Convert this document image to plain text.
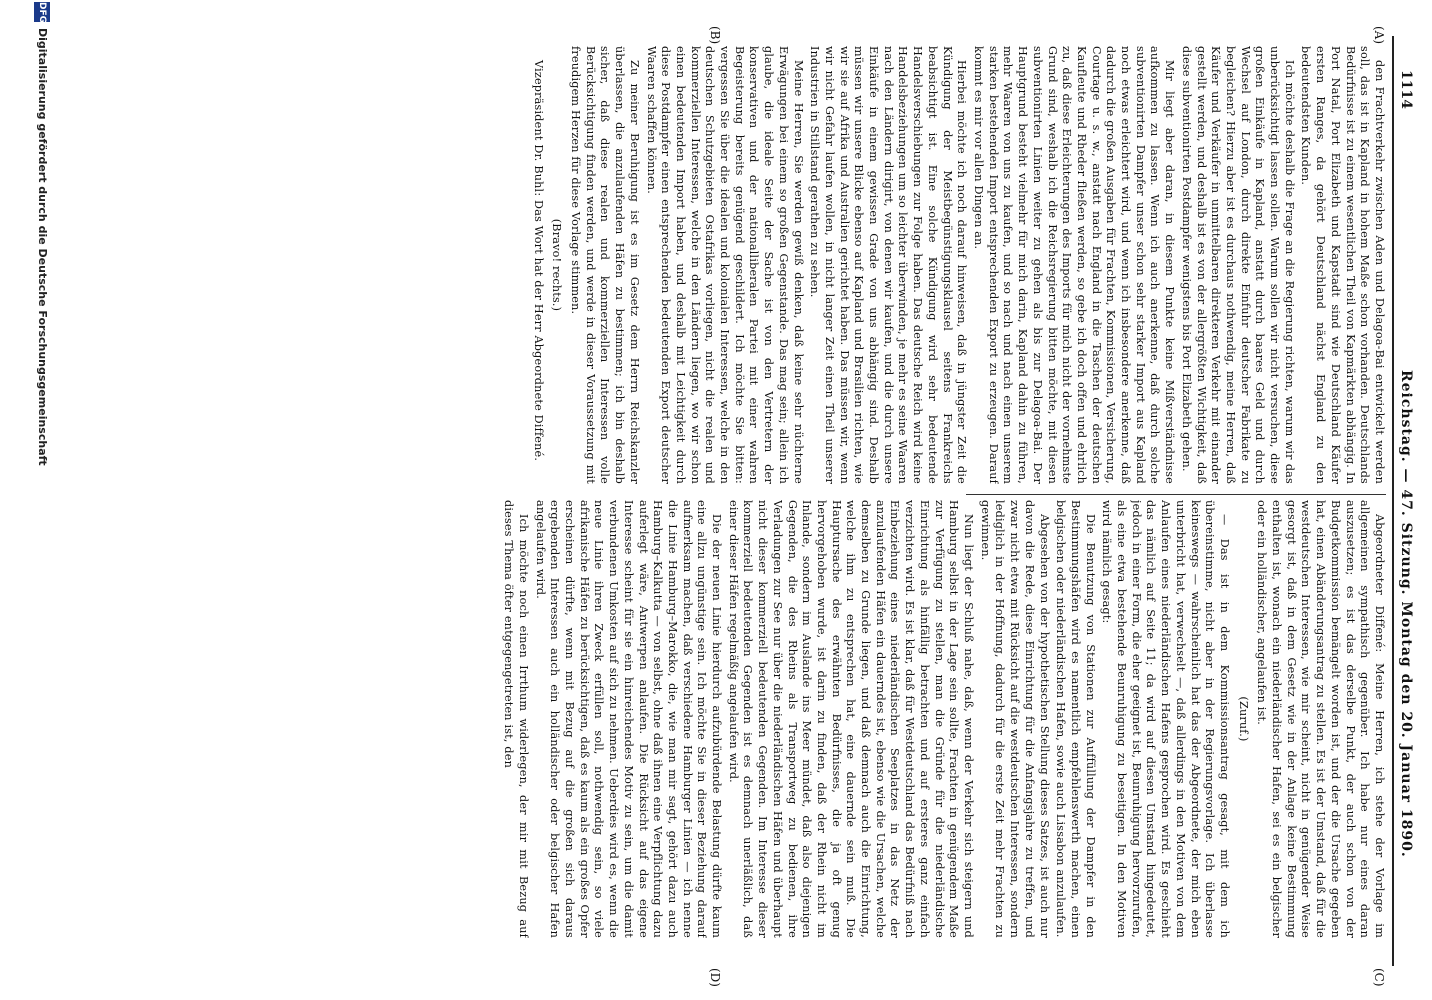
1114
Reichstag. — 47. Sitzung. Montag den 20. Januar 1890.
(A)
(B)
(C)
(D)

den Frachtverkehr zwischen Aden und Delagoa-Bai entwickelt werden soll, das ist in Kapland in hohem Maße schon vorhanden. Deutschlands Bedürfnisse ist zu einem wesentlichen Theil von Kapmärkten abhängig. In Port Natal, Port Elizabeth und Kapstadt sind wie Deutschland Käufer ersten Ranges, da gehört Deutschland nächst England zu den bedeutendsten Kunden.

Ich möchte deshalb die Frage an die Regierung richten, warum wir das unberücksichtigt lassen sollen. Warum sollen wir nicht versuchen, diese großen Einkäufe in Kapland, anstatt durch baares Geld und durch Wechsel auf London, durch direkte Einfuhr deutscher Fabrikate zu begleichen? Hierzu aber ist es durchaus nothwendig, meine Herren, daß Käufer und Verkäufer in unmittelbaren direkteren Verkehr mit einander gestellt werden, und deshalb ist es von der allergrößten Wichtigkeit, daß diese subventionirten Postdampfer wenigstens bis Port Elizabeth gehen.

Mir liegt aber daran, in diesem Punkte keine Mißverständnisse aufkommen zu lassen. Wenn ich auch anerkenne, daß durch solche subventionirten Dampfer unser schon sehr starker Import aus Kapland noch etwas erleichtert wird, und wenn ich insbesondere anerkenne, daß dadurch die großen Ausgaben für Frachten, Kommissionen, Versicherung, Courtage u. s. w., anstatt nach England in die Taschen der deutschen Kaufleute und Rheder fließen werden, so gebe ich doch offen und ehrlich zu, daß diese Erleichterungen des Imports für mich nicht der vornehmste Grund sind, weshalb ich die Reichsregierung bitten möchte, mit diesen subventionirten Linien weiter zu gehen als bis zur Delagoa-Bai. Der Hauptgrund besteht vielmehr für mich darin, Kapland dahin zu führen, mehr Waaren von uns zu kaufen, und so nach und nach einen unserem starken bestehenden Import entsprechenden Export zu erzeugen. Darauf kommt es mir vor allen Dingen an.

Hierbei möchte ich noch darauf hinweisen, daß in jüngster Zeit die Kündigung der Meistbegünstigungsklausel seitens Frankreichs beabsichtigt ist. Eine solche Kündigung wird sehr bedeutende Handelsverschiebungen zur Folge haben. Das deutsche Reich wird keine Handelsbeziehungen um so leichter überwinden, je mehr es seine Waaren nach den Ländern dirigirt, von denen wir kaufen, und die durch unsere Einkäufe in einem gewissen Grade von uns abhängig sind. Deshalb müssen wir unsere Blicke ebenso auf Kapland und Brasilien richten, wie wir sie auf Afrika und Australien gerichtet haben. Das müssen wir, wenn wir nicht Gefahr laufen wollen, in nicht langer Zeit einen Theil unserer Industrien in Stillstand gerathen zu sehen.

Meine Herren, Sie werden gewiß denken, daß keine sehr nüchterne Erwägungen bei einem so großen Gegenstande. Das mag sein; allein ich glaube, die ideale Seite der Sache ist von den Vertretern der konservativen und der nationalliberalen Partei mit einer wahren Begeisterung bereits genügend geschildert. Ich möchte Sie bitten: vergessen Sie über die idealen und kolonialen Interessen, welche in den deutschen Schutzgebieten Ostafrikas vorliegen, nicht die realen und kommerziellen Interessen, welche in den Ländern liegen, wo wir schon einen bedeutenden Import haben, und deshalb mit Leichtigkeit durch diese Postdampfer einen entsprechenden bedeutenden Export deutscher Waaren schaffen können.

Zu meiner Beruhigung ist es im Gesetz dem Herrn Reichskanzler überlassen, die anzulaufenden Häfen zu bestimmen; ich bin deshalb sicher, daß diese realen und kommerziellen Interessen volle Berücksichtigung finden werden, und werde in dieser Voraussetzung mit freudigem Herzen für diese Vorlage stimmen.

(Bravo! rechts.)

Vizepräsident Dr. Buhl: Das Wort hat der Herr Abgeordnete Diffené.

Abgeordneter Diffené: Meine Herren, ich stehe der Vorlage im allgemeinen sympathisch gegenüber. Ich habe nur eines daran auszusetzen; es ist das derselbe Punkt, der auch schon von der Budgetkommission bemängelt worden ist, und der die Ursache gegeben hat, einen Abänderungsantrag zu stellen. Es ist der Umstand, daß für die westdeutschen Interessen, wie mir scheint, nicht in genügender Weise gesorgt ist, daß in dem Gesetz wie in der Anlage keine Bestimmung enthalten ist, wonach ein niederländischer Hafen, sei es ein belgischer oder ein holländischer, angelaufen ist.

(Zuruf.)

— Das ist in dem Kommissionsantrag gesagt, mit dem ich übereinstimme, nicht aber in der Regierungsvorlage. Ich überlasse keineswegs — wahrscheinlich hat das der Abgeordnete, der mich eben unterbricht hat, verwechselt —, daß allerdings in den Motiven von dem Anlaufen eines niederländischen Hafens gesprochen wird. Es geschieht das nämlich auf Seite 11; da wird auf diesen Umstand hingedeutet, jedoch in einer Form, die eher geeignet ist, Beunruhigung hervorzurufen, als eine etwa bestehende Beunruhigung zu beseitigen. In den Motiven wird nämlich gesagt:

Die Benutzung von Stationen zur Auffüllung der Dampfer in den Bestimmungshäfen wird es namentlich empfehlenswerth machen, einen belgischen oder niederländischen Hafen, sowie auch Lissabon anzulaufen.

Abgesehen von der hypothetischen Stellung dieses Satzes, ist auch nur davon die Rede, diese Einrichtung für die Anfangsjahre zu treffen, und zwar nicht etwa mit Rücksicht auf die westdeutschen Interessen, sondern lediglich in der Hoffnung, dadurch für die erste Zeit mehr Frachten zu gewinnen.

Nun liegt der Schluß nahe, daß, wenn der Verkehr sich steigern und Hamburg selbst in der Lage sein sollte, Frachten in genügendem Maße zur Verfügung zu stellen, man die Gründe für die niederländische Einrichtung als hinfällig betrachten und auf ersteres ganz einfach verzichten wird. Es ist klar, daß für Westdeutschland das Bedürfniß nach Einbeziehung eines niederländischen Seeplatzes in das Netz der anzulaufenden Häfen ein dauerndes ist, ebenso wie die Ursachen, welche demselben zu Grunde liegen, und daß demnach auch die Einrichtung, welche ihm zu entsprechen hat, eine dauernde sein muß. Die Hauptursache des erwähnten Bedürfnisses, die ja oft genug hervorgehoben wurde, ist darin zu finden, daß der Rhein nicht im Inlande, sondern im Auslande ins Meer mündet, daß also diejenigen Gegenden, die des Rheins als Transportweg zu bedienen, ihre Verladungen zur See nur über die niederländischen Häfen und überhaupt nicht dieser kommerziell bedeutenden Gegenden. Im Interesse dieser kommerziell bedeutenden Gegenden ist es demnach unerläßlich, daß einer dieser Häfen regelmäßig angelaufen wird.

Die der neuen Linie hierdurch aufzubürdende Belastung dürfte kaum eine allzu ungünstige sein. Ich möchte Sie in dieser Beziehung darauf aufmerksam machen, daß verschiedene Hamburger Linien — ich nenne die Linie Hamburg–Marokko, die, wie man mir sagt, gehört dazu auch Hamburg–Kalkutta — von selbst, ohne daß ihnen eine Verpflichtung dazu auferlegt wäre, Antwerpen anlaufen. Die Rücksicht auf das eigene Interesse scheint für sie ein hinreichendes Motiv zu sein, um die damit verbundenen Umkosten auf sich zu nehmen. Ueberdies wird es, wenn die neue Linie ihren Zweck erfüllen soll, nothwendig sein, so viele afrikanische Häfen zu berücksichtigen, daß es kaum als ein großes Opfer erscheinen dürfte, wenn mit Bezug auf die großen sich daraus ergebenden Interessen auch ein holländischer oder belgischer Hafen angelaufen wird.

Ich möchte noch einen Irrthum widerlegen, der mir mit Bezug auf dieses Thema öfter entgegengetreten ist, den

DFG
Digitalisierung gefördert durch die Deutsche Forschungsgemeinschaft
